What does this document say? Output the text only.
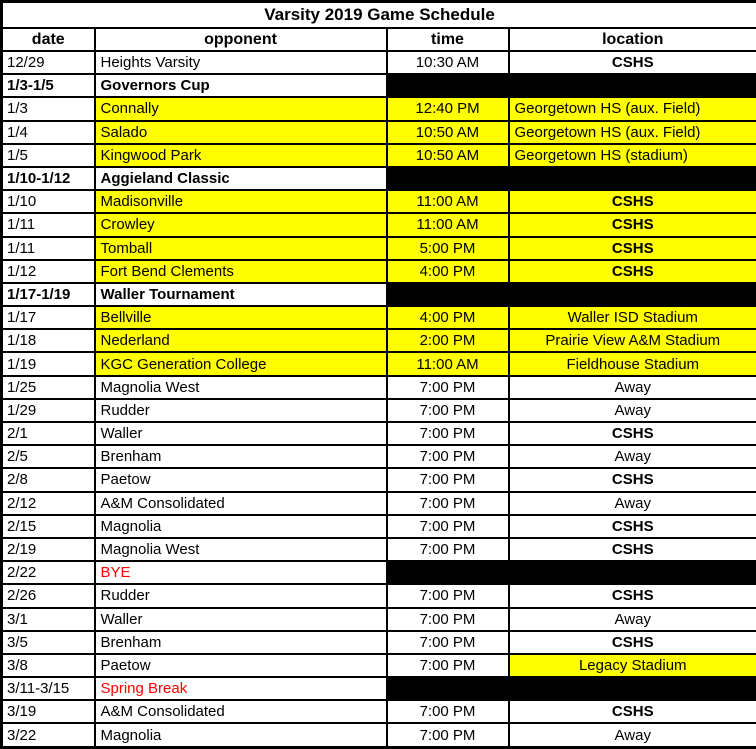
Varsity 2019 Game Schedule			
date	opponent	time	location
12/29	Heights Varsity	10:30 AM	CSHS
1/3-1/5	Governors Cup		
1/3	Connally	12:40 PM	Georgetown HS (aux. Field)
1/4	Salado	10:50 AM	Georgetown HS (aux. Field)
1/5	Kingwood Park	10:50 AM	Georgetown HS (stadium)
1/10-1/12	Aggieland Classic		
1/10	Madisonville	11:00 AM	CSHS
1/11	Crowley	11:00 AM	CSHS
1/11	Tomball	5:00 PM	CSHS
1/12	Fort Bend Clements	4:00 PM	CSHS
1/17-1/19	Waller Tournament		
1/17	Bellville	4:00 PM	Waller ISD Stadium
1/18	Nederland	2:00 PM	Prairie View A&M Stadium
1/19	KGC Generation College	11:00 AM	Fieldhouse Stadium
1/25	Magnolia West	7:00 PM	Away
1/29	Rudder	7:00 PM	Away
2/1	Waller	7:00 PM	CSHS
2/5	Brenham	7:00 PM	Away
2/8	Paetow	7:00 PM	CSHS
2/12	A&M Consolidated	7:00 PM	Away
2/15	Magnolia	7:00 PM	CSHS
2/19	Magnolia West	7:00 PM	CSHS
2/22	BYE		
2/26	Rudder	7:00 PM	CSHS
3/1	Waller	7:00 PM	Away
3/5	Brenham	7:00 PM	CSHS
3/8	Paetow	7:00 PM	Legacy Stadium
3/11-3/15	Spring Break		
3/19	A&M Consolidated	7:00 PM	CSHS
3/22	Magnolia	7:00 PM	Away
